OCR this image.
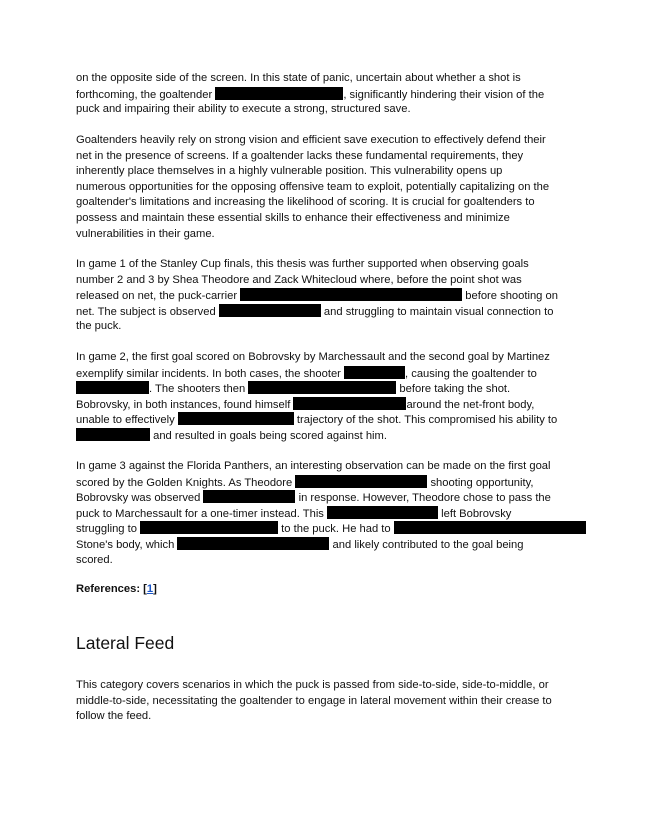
on the opposite side of the screen. In this state of panic, uncertain about whether a shot is
forthcoming, the goaltender	, significantly hindering their vision of the
puck and impairing their ability to execute a strong, structured save.
Goaltenders heavily rely on strong vision and efficient save execution to effectively defend their
net in the presence of screens. If a goaltender lacks these fundamental requirements, they
inherently place themselves in a highly vulnerable position. This vulnerability opens up
numerous opportunities for the opposing offensive team to exploit, potentially capitalizing on the
goaltender's limitations and increasing the likelihood of scoring. It is crucial for goaltenders to
possess and maintain these essential skills to enhance their effectiveness and minimize
vulnerabilities in their game.
In game 1 of the Stanley Cup finals, this thesis was further supported when observing goals
number 2 and 3 by Shea Theodore and Zack Whitecloud where, before the point shot was
released on net, the puck-carrier	before shooting on
net. The subject is observed	and struggling to maintain visual connection to
the puck.
In game 2, the first goal scored on Bobrovsky by Marchessault and the second goal by Martinez
exemplify similar incidents. In both cases, the shooter	, causing the goaltender to
. The shooters then	before taking the shot.
Bobrovsky, in both instances, found himself	around the net-front body,
unable to effectively	trajectory of the shot. This compromised his ability to
and resulted in goals being scored against him.
In game 3 against the Florida Panthers, an interesting observation can be made on the first goal
scored by the Golden Knights. As Theodore	shooting opportunity,
Bobrovsky was observed	in response. However, Theodore chose to pass the
puck to Marchessault for a one-timer instead. This	left Bobrovsky
struggling to	to the puck. He had to
Stone's body, which	and likely contributed to the goal being
scored.
References: [1]
Lateral Feed
This category covers scenarios in which the puck is passed from side-to-side, side-to-middle, or
middle-to-side, necessitating the goaltender to engage in lateral movement within their crease to
follow the feed.
